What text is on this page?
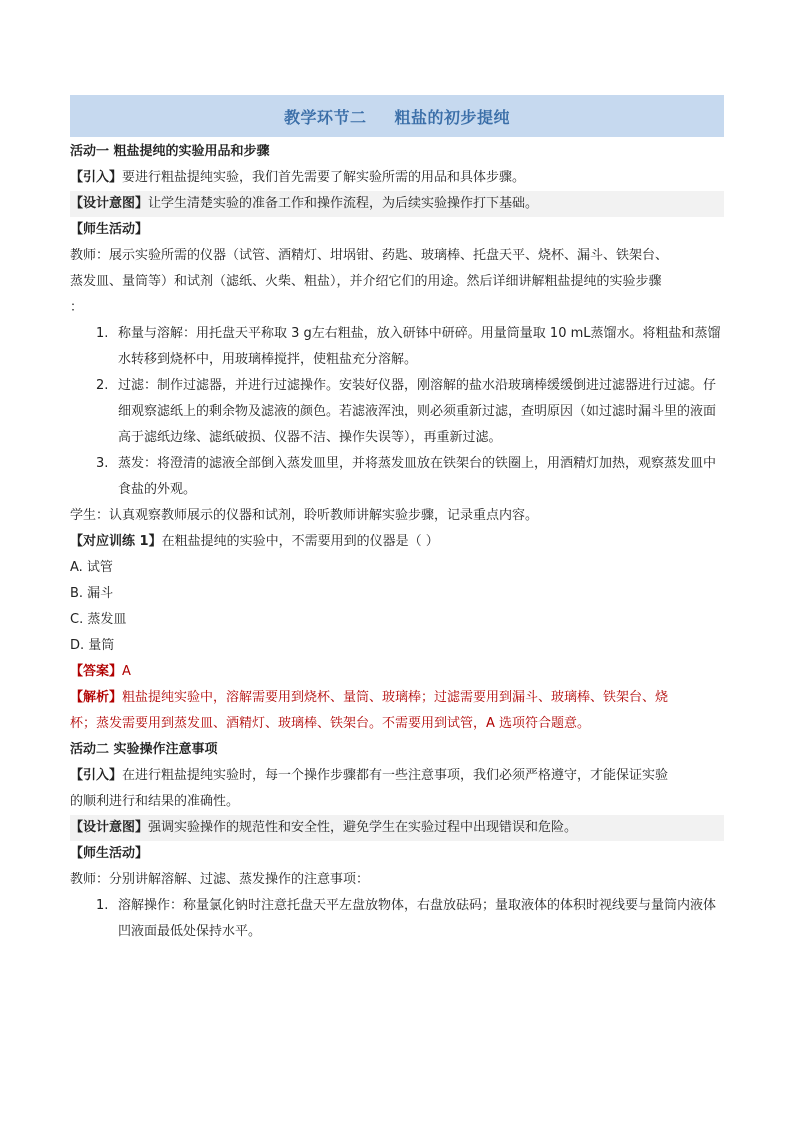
教学环节二 粗盐的初步提纯
活动一 粗盐提纯的实验用品和步骤
【引入】要进行粗盐提纯实验，我们首先需要了解实验所需的用品和具体步骤。
【设计意图】让学生清楚实验的准备工作和操作流程，为后续实验操作打下基础。
【师生活动】
教师：展示实验所需的仪器（试管、酒精灯、坩埚钳、药匙、玻璃棒、托盘天平、烧杯、漏斗、铁架台、
蒸发皿、量筒等）和试剂（滤纸、火柴、粗盐），并介绍它们的用途。然后详细讲解粗盐提纯的实验步骤
：
1. 称量与溶解：用托盘天平称取 3 g左右粗盐，放入研钵中研碎。用量筒量取 10 mL蒸馏水。将粗盐和蒸馏水转移到烧杯中，用玻璃棒搅拌，使粗盐充分溶解。
2. 过滤：制作过滤器，并进行过滤操作。安装好仪器，刚溶解的盐水沿玻璃棒缓缓倒进过滤器进行过滤。仔细观察滤纸上的剩余物及滤液的颜色。若滤液浑浊，则必须重新过滤，查明原因（如过滤时漏斗里的液面高于滤纸边缘、滤纸破损、仪器不洁、操作失误等），再重新过滤。
3. 蒸发：将澄清的滤液全部倒入蒸发皿里，并将蒸发皿放在铁架台的铁圈上，用酒精灯加热，观察蒸发皿中食盐的外观。
学生：认真观察教师展示的仪器和试剂，聆听教师讲解实验步骤，记录重点内容。
【对应训练 1】在粗盐提纯的实验中，不需要用到的仪器是（ ）
A. 试管
B. 漏斗
C. 蒸发皿
D. 量筒
【答案】A
【解析】粗盐提纯实验中，溶解需要用到烧杯、量筒、玻璃棒；过滤需要用到漏斗、玻璃棒、铁架台、烧
杯；蒸发需要用到蒸发皿、酒精灯、玻璃棒、铁架台。不需要用到试管，A 选项符合题意。
活动二 实验操作注意事项
【引入】在进行粗盐提纯实验时，每一个操作步骤都有一些注意事项，我们必须严格遵守，才能保证实验
的顺利进行和结果的准确性。
【设计意图】强调实验操作的规范性和安全性，避免学生在实验过程中出现错误和危险。
【师生活动】
教师：分别讲解溶解、过滤、蒸发操作的注意事项：
1. 溶解操作：称量氯化钠时注意托盘天平左盘放物体，右盘放砝码；量取液体的体积时视线要与量筒内液体凹液面最低处保持水平。
